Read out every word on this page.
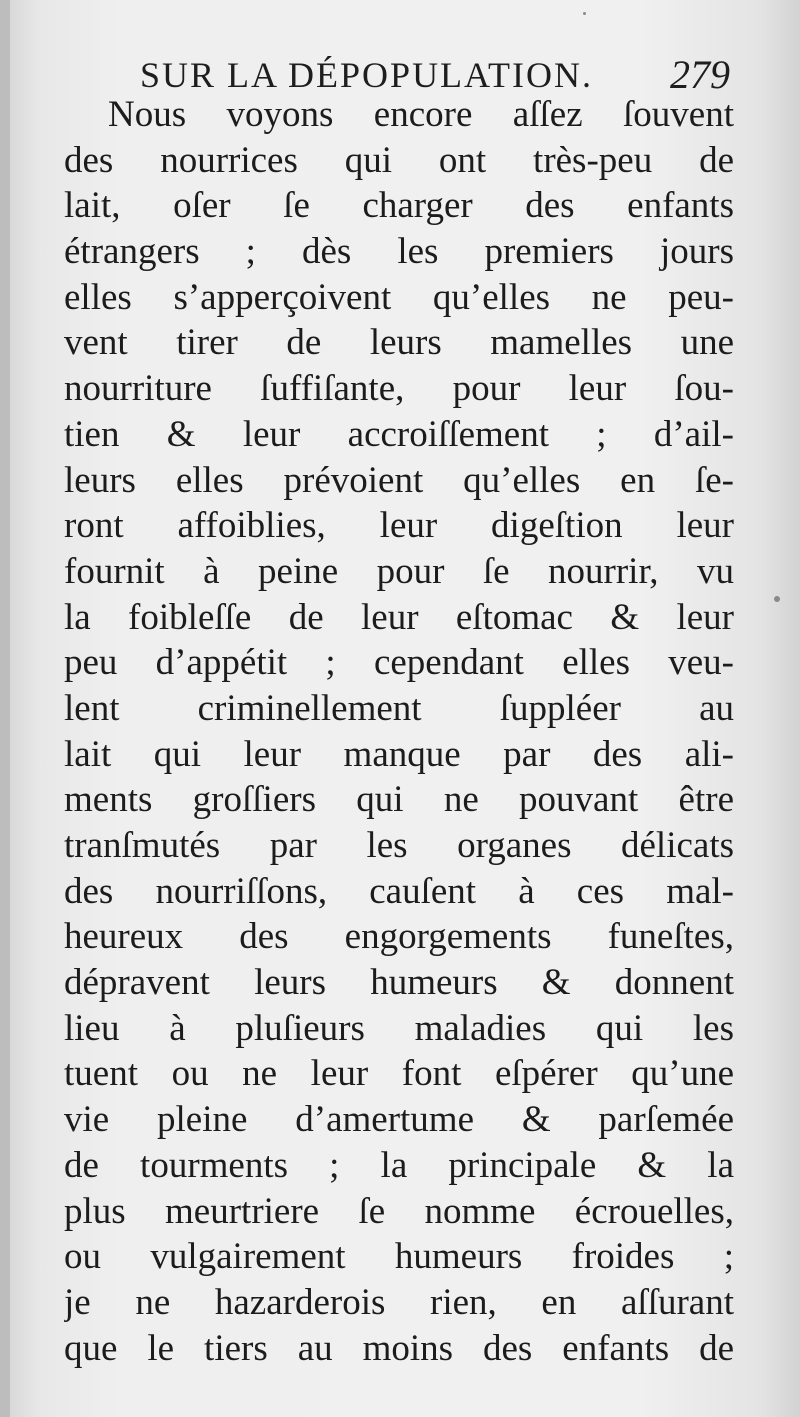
SUR LA DÉPOPULATION. 279
Nous voyons encore aſſez ſouvent
des nourrices qui ont très-peu de
lait, oſer ſe charger des enfants
étrangers ; dès les premiers jours
elles s’apperçoivent qu’elles ne peu-
vent tirer de leurs mamelles une
nourriture ſuffiſante, pour leur ſou-
tien & leur accroiſſement ; d’ail-
leurs elles prévoient qu’elles en ſe-
ront affoiblies, leur digeſtion leur
fournit à peine pour ſe nourrir, vu
la foibleſſe de leur eſtomac & leur
peu d’appétit ; cependant elles veu-
lent criminellement ſuppléer au
lait qui leur manque par des ali-
ments groſſiers qui ne pouvant être
tranſmutés par les organes délicats
des nourriſſons, cauſent à ces mal-
heureux des engorgements funeſtes,
dépravent leurs humeurs & donnent
lieu à pluſieurs maladies qui les
tuent ou ne leur font eſpérer qu’une
vie pleine d’amertume & parſemée
de tourments ; la principale & la
plus meurtriere ſe nomme écrouelles,
ou vulgairement humeurs froides ;
je ne hazarderois rien, en aſſurant
que le tiers au moins des enfants de
